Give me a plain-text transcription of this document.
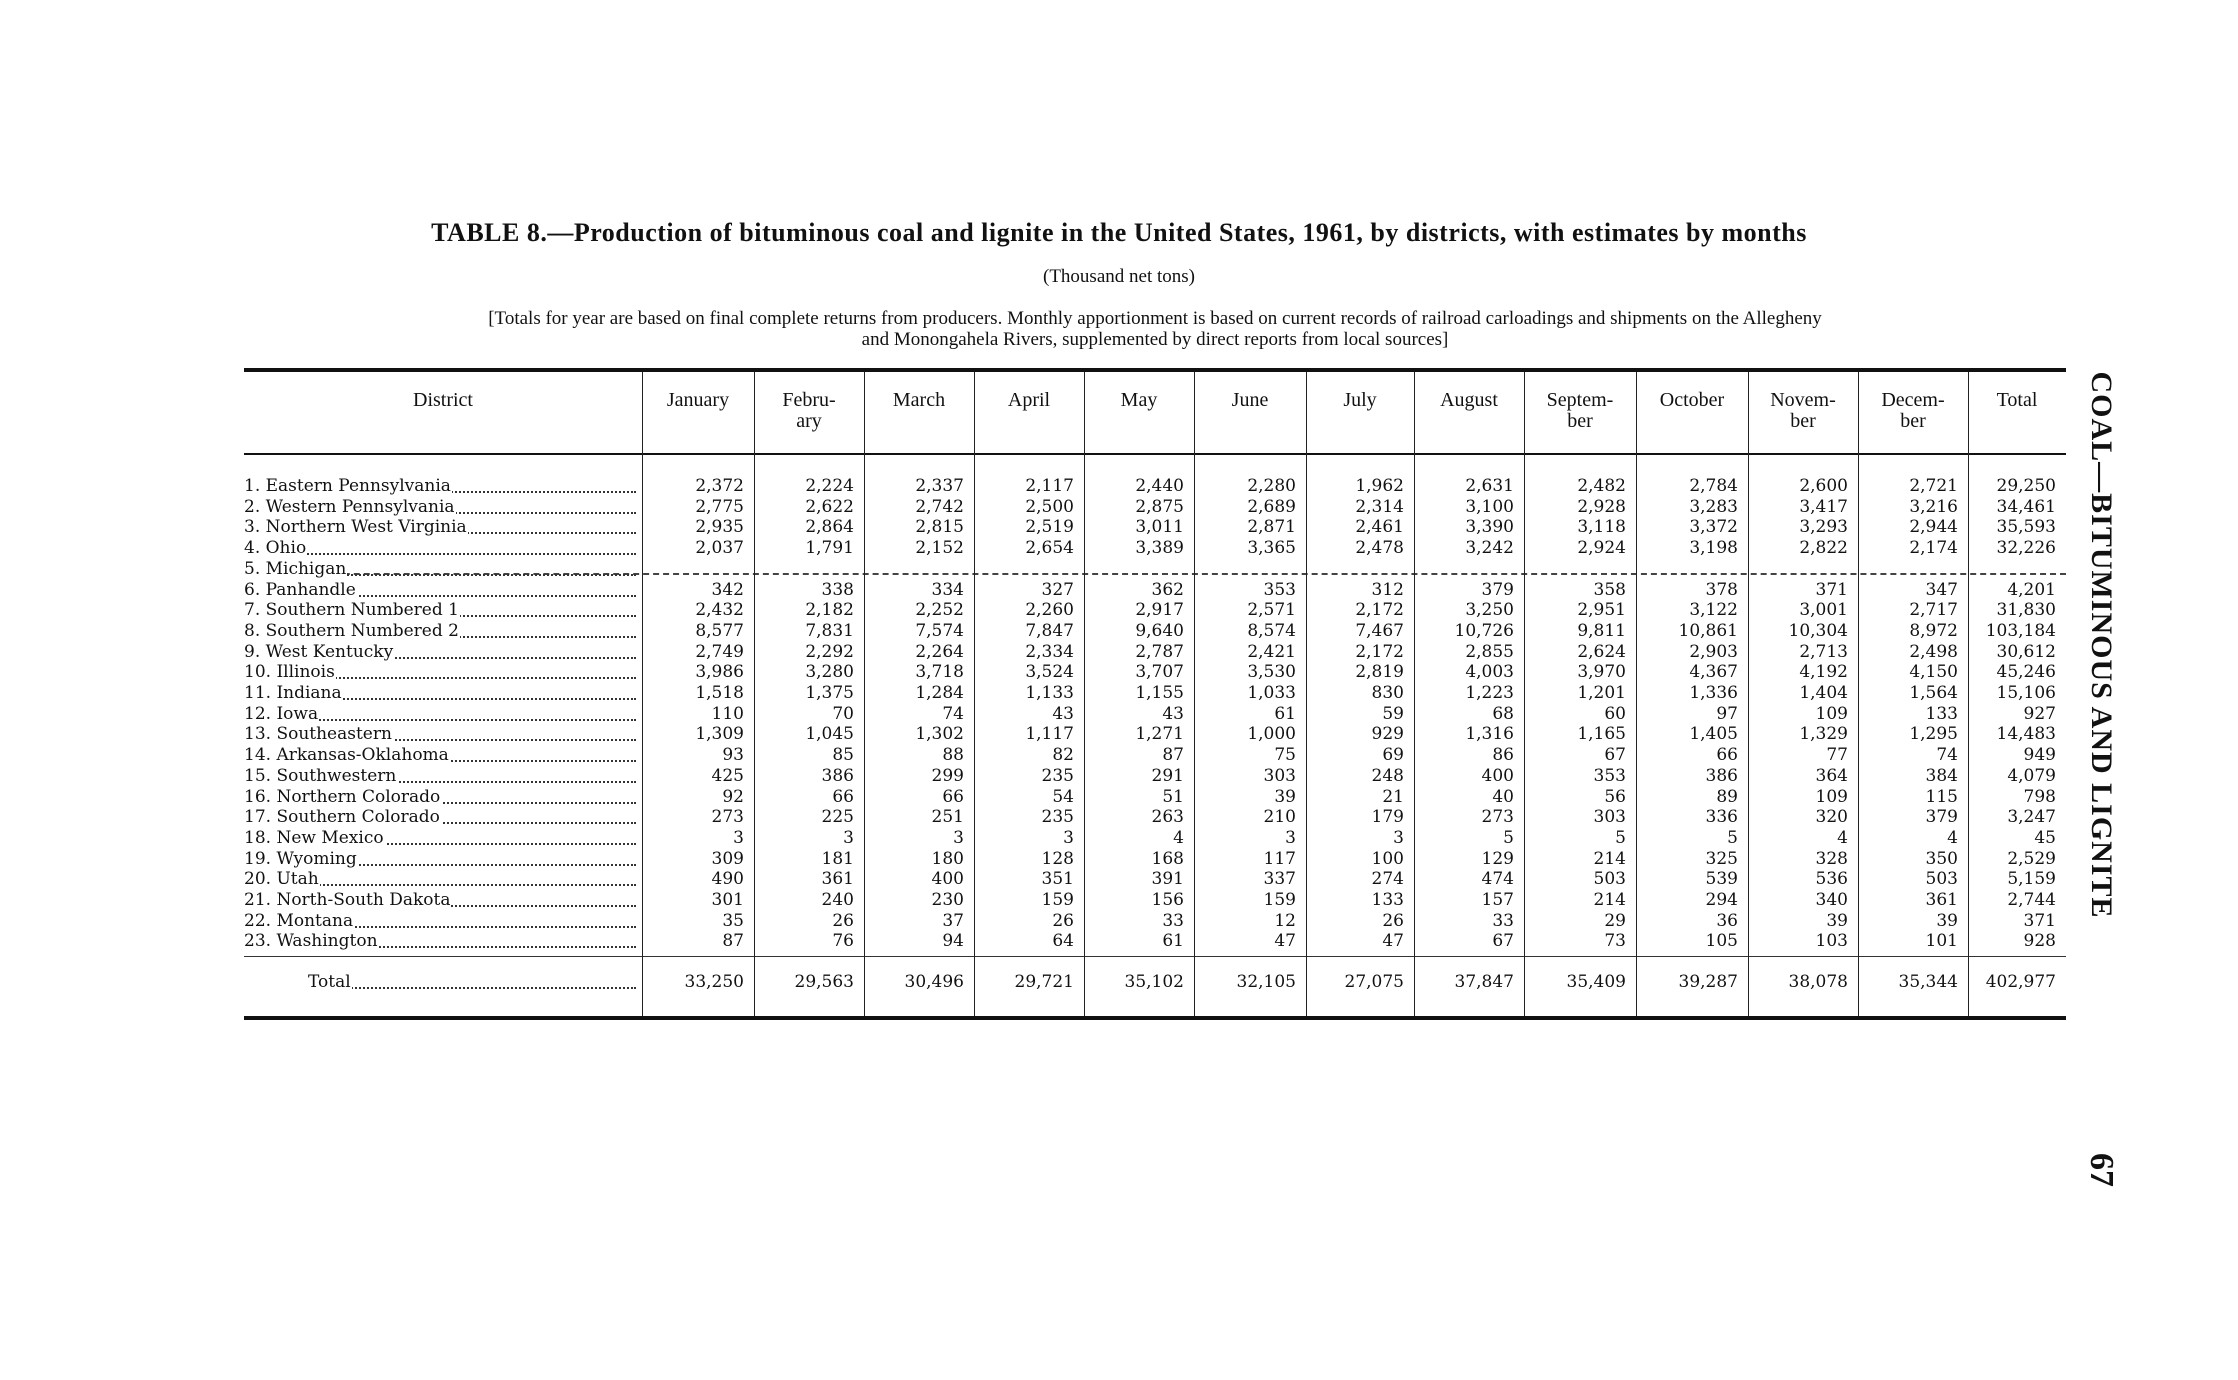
TABLE 8.—Production of bituminous coal and lignite in the United States, 1961, by districts, with estimates by months
(Thousand net tons)
[Totals for year are based on final complete returns from producers. Monthly apportionment is based on current records of railroad carloadings and shipments on the Allegheny
and Monongahela Rivers, supplemented by direct reports from local sources]
District	January	Febru-
ary
March	April	May	June	July	August	Septem-
ber
October	Novem-
ber
Decem-
ber
Total
1. Eastern Pennsylvania	2,372	2,224	2,337	2,117	2,440	2,280	1,962	2,631	2,482	2,784	2,600	2,721	29,250
2. Western Pennsylvania	2,775	2,622	2,742	2,500	2,875	2,689	2,314	3,100	2,928	3,283	3,417	3,216	34,461
3. Northern West Virginia	2,935	2,864	2,815	2,519	3,011	2,871	2,461	3,390	3,118	3,372	3,293	2,944	35,593
4. Ohio	2,037	1,791	2,152	2,654	3,389	3,365	2,478	3,242	2,924	3,198	2,822	2,174	32,226
5. Michigan
6. Panhandle	342	338	334	327	362	353	312	379	358	378	371	347	4,201
7. Southern Numbered 1	2,432	2,182	2,252	2,260	2,917	2,571	2,172	3,250	2,951	3,122	3,001	2,717	31,830
8. Southern Numbered 2	8,577	7,831	7,574	7,847	9,640	8,574	7,467	10,726	9,811	10,861	10,304	8,972	103,184
9. West Kentucky	2,749	2,292	2,264	2,334	2,787	2,421	2,172	2,855	2,624	2,903	2,713	2,498	30,612
10. Illinois	3,986	3,280	3,718	3,524	3,707	3,530	2,819	4,003	3,970	4,367	4,192	4,150	45,246
11. Indiana	1,518	1,375	1,284	1,133	1,155	1,033	830	1,223	1,201	1,336	1,404	1,564	15,106
12. Iowa	110	70	74	43	43	61	59	68	60	97	109	133	927
13. Southeastern	1,309	1,045	1,302	1,117	1,271	1,000	929	1,316	1,165	1,405	1,329	1,295	14,483
14. Arkansas-Oklahoma	93	85	88	82	87	75	69	86	67	66	77	74	949
15. Southwestern	425	386	299	235	291	303	248	400	353	386	364	384	4,079
16. Northern Colorado	92	66	66	54	51	39	21	40	56	89	109	115	798
17. Southern Colorado	273	225	251	235	263	210	179	273	303	336	320	379	3,247
18. New Mexico	3	3	3	3	4	3	3	5	5	5	4	4	45
19. Wyoming	309	181	180	128	168	117	100	129	214	325	328	350	2,529
20. Utah	490	361	400	351	391	337	274	474	503	539	536	503	5,159
21. North-South Dakota	301	240	230	159	156	159	133	157	214	294	340	361	2,744
22. Montana	35	26	37	26	33	12	26	33	29	36	39	39	371
23. Washington	87	76	94	64	61	47	47	67	73	105	103	101	928
Total	33,250	29,563	30,496	29,721	35,102	32,105	27,075	37,847	35,409	39,287	38,078	35,344	402,977
COAL—BITUMINOUS AND LIGNITE
67
